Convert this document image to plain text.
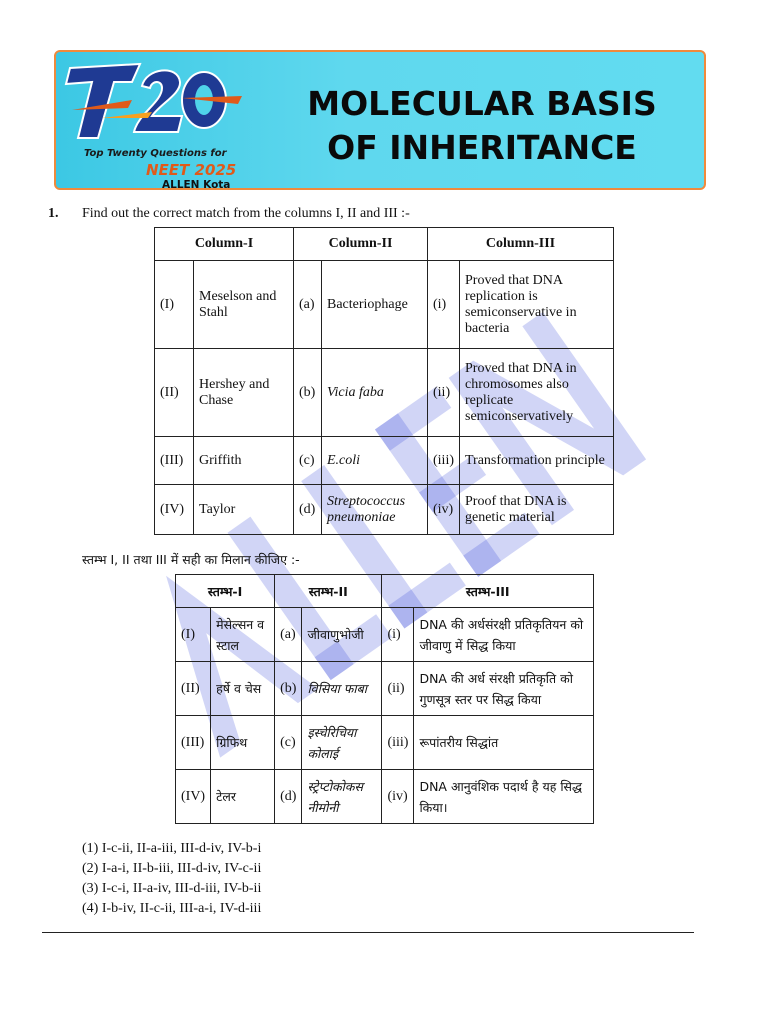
Top Twenty Questions for
NEET 2025
ALLEN Kota
MOLECULAR BASIS
OF INHERITANCE
1. Find out the correct match from the columns I, II and III :-
Column-I		Column-II		Column-III	
(I)	Meselson and Stahl	(a)	Bacteriophage	(i)	Proved that DNA replication is semiconservative in bacteria
(II)	Hershey and Chase	(b)	Vicia faba	(ii)	Proved that DNA in chromosomes also replicate semiconservatively
(III)	Griffith	(c)	E.coli	(iii)	Transformation principle
(IV)	Taylor	(d)	Streptococcus pneumoniae	(iv)	Proof that DNA is genetic material
स्तम्भ I, II तथा III में सही का मिलान कीजिए :-
स्तम्भ-I		स्तम्भ-II		स्तम्भ-III	
(I)	मेसेल्सन व स्टाल	(a)	जीवाणुभोजी	(i)	DNA की अर्धसंरक्षी प्रतिकृतियन को जीवाणु में सिद्ध किया
(II)	हर्षे व चेस	(b)	विसिया फाबा	(ii)	DNA की अर्ध संरक्षी प्रतिकृति को गुणसूत्र स्तर पर सिद्ध किया
(III)	ग्रिफिथ	(c)	इस्चेरिचिया कोलाई	(iii)	रूपांतरीय सिद्धांत
(IV)	टेलर	(d)	स्ट्रेप्टोकोकस नीमोनी	(iv)	DNA आनुवंशिक पदार्थ है यह सिद्ध किया।
(1) I-c-ii, II-a-iii, III-d-iv, IV-b-i
(2) I-a-i, II-b-iii, III-d-iv, IV-c-ii
(3) I-c-i, II-a-iv, III-d-iii, IV-b-ii
(4) I-b-iv, II-c-ii, III-a-i, IV-d-iii
